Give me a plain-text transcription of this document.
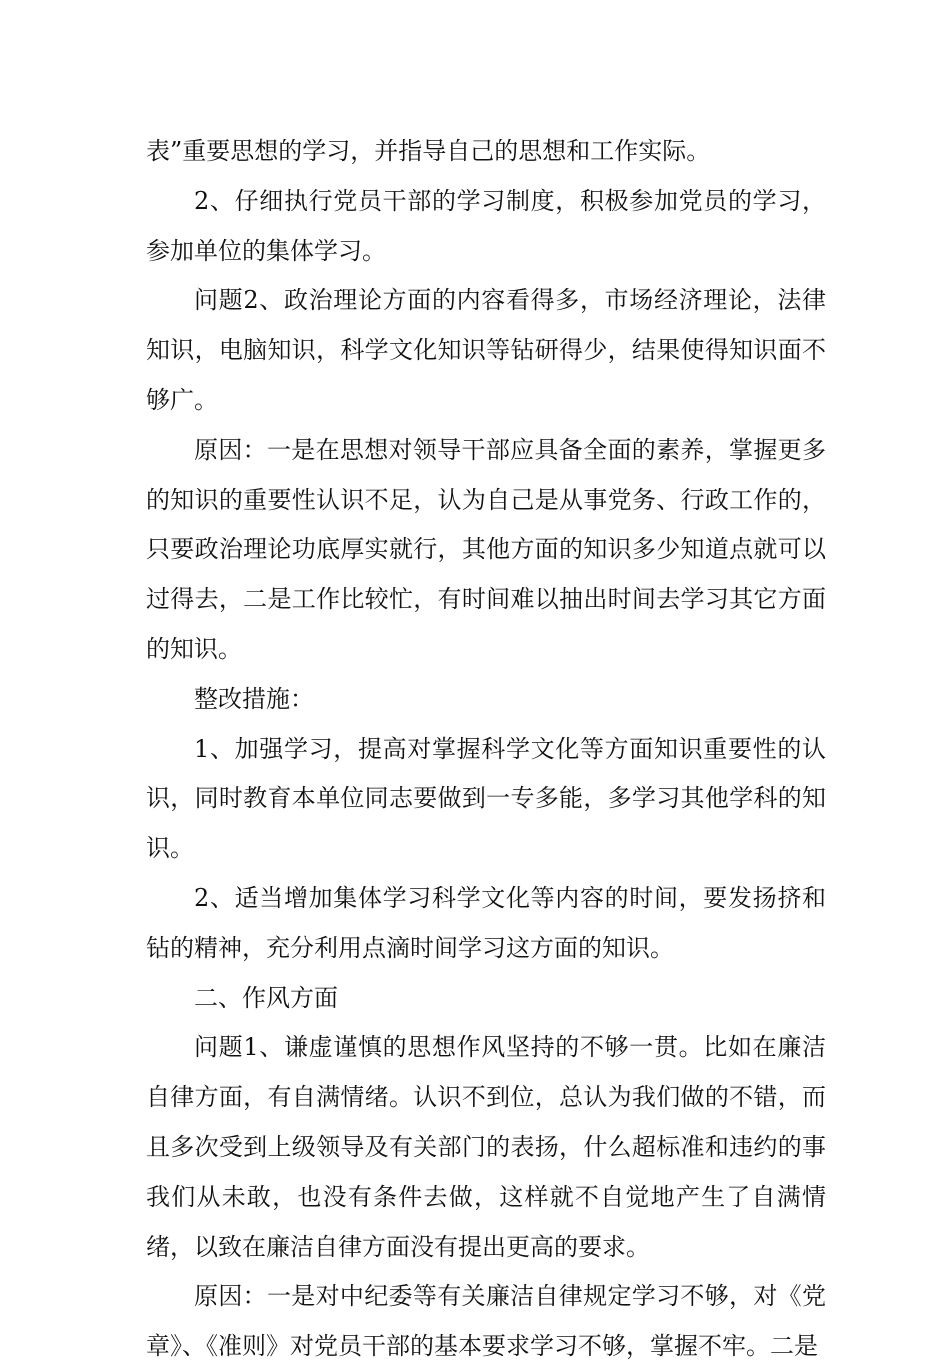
表”重要思想的学习，并指导自己的思想和工作实际。

2、仔细执行党员干部的学习制度，积极参加党员的学习，参加单位的集体学习。

问题2、政治理论方面的内容看得多，市场经济理论，法律知识，电脑知识，科学文化知识等钻研得少，结果使得知识面不够广。

原因：一是在思想对领导干部应具备全面的素养，掌握更多的知识的重要性认识不足，认为自己是从事党务、行政工作的，只要政治理论功底厚实就行，其他方面的知识多少知道点就可以过得去，二是工作比较忙，有时间难以抽出时间去学习其它方面的知识。

整改措施：

1、加强学习，提高对掌握科学文化等方面知识重要性的认识，同时教育本单位同志要做到一专多能，多学习其他学科的知识。

2、适当增加集体学习科学文化等内容的时间，要发扬挤和钻的精神，充分利用点滴时间学习这方面的知识。

二、作风方面

问题1、谦虚谨慎的思想作风坚持的不够一贯。比如在廉洁自律方面，有自满情绪。认识不到位，总认为我们做的不错，而且多次受到上级领导及有关部门的表扬，什么超标准和违约的事我们从未敢，也没有条件去做，这样就不自觉地产生了自满情绪，以致在廉洁自律方面没有提出更高的要求。

原因：一是对中纪委等有关廉洁自律规定学习不够，对《党章》、《准则》对党员干部的基本要求学习不够，掌握不牢。二是
